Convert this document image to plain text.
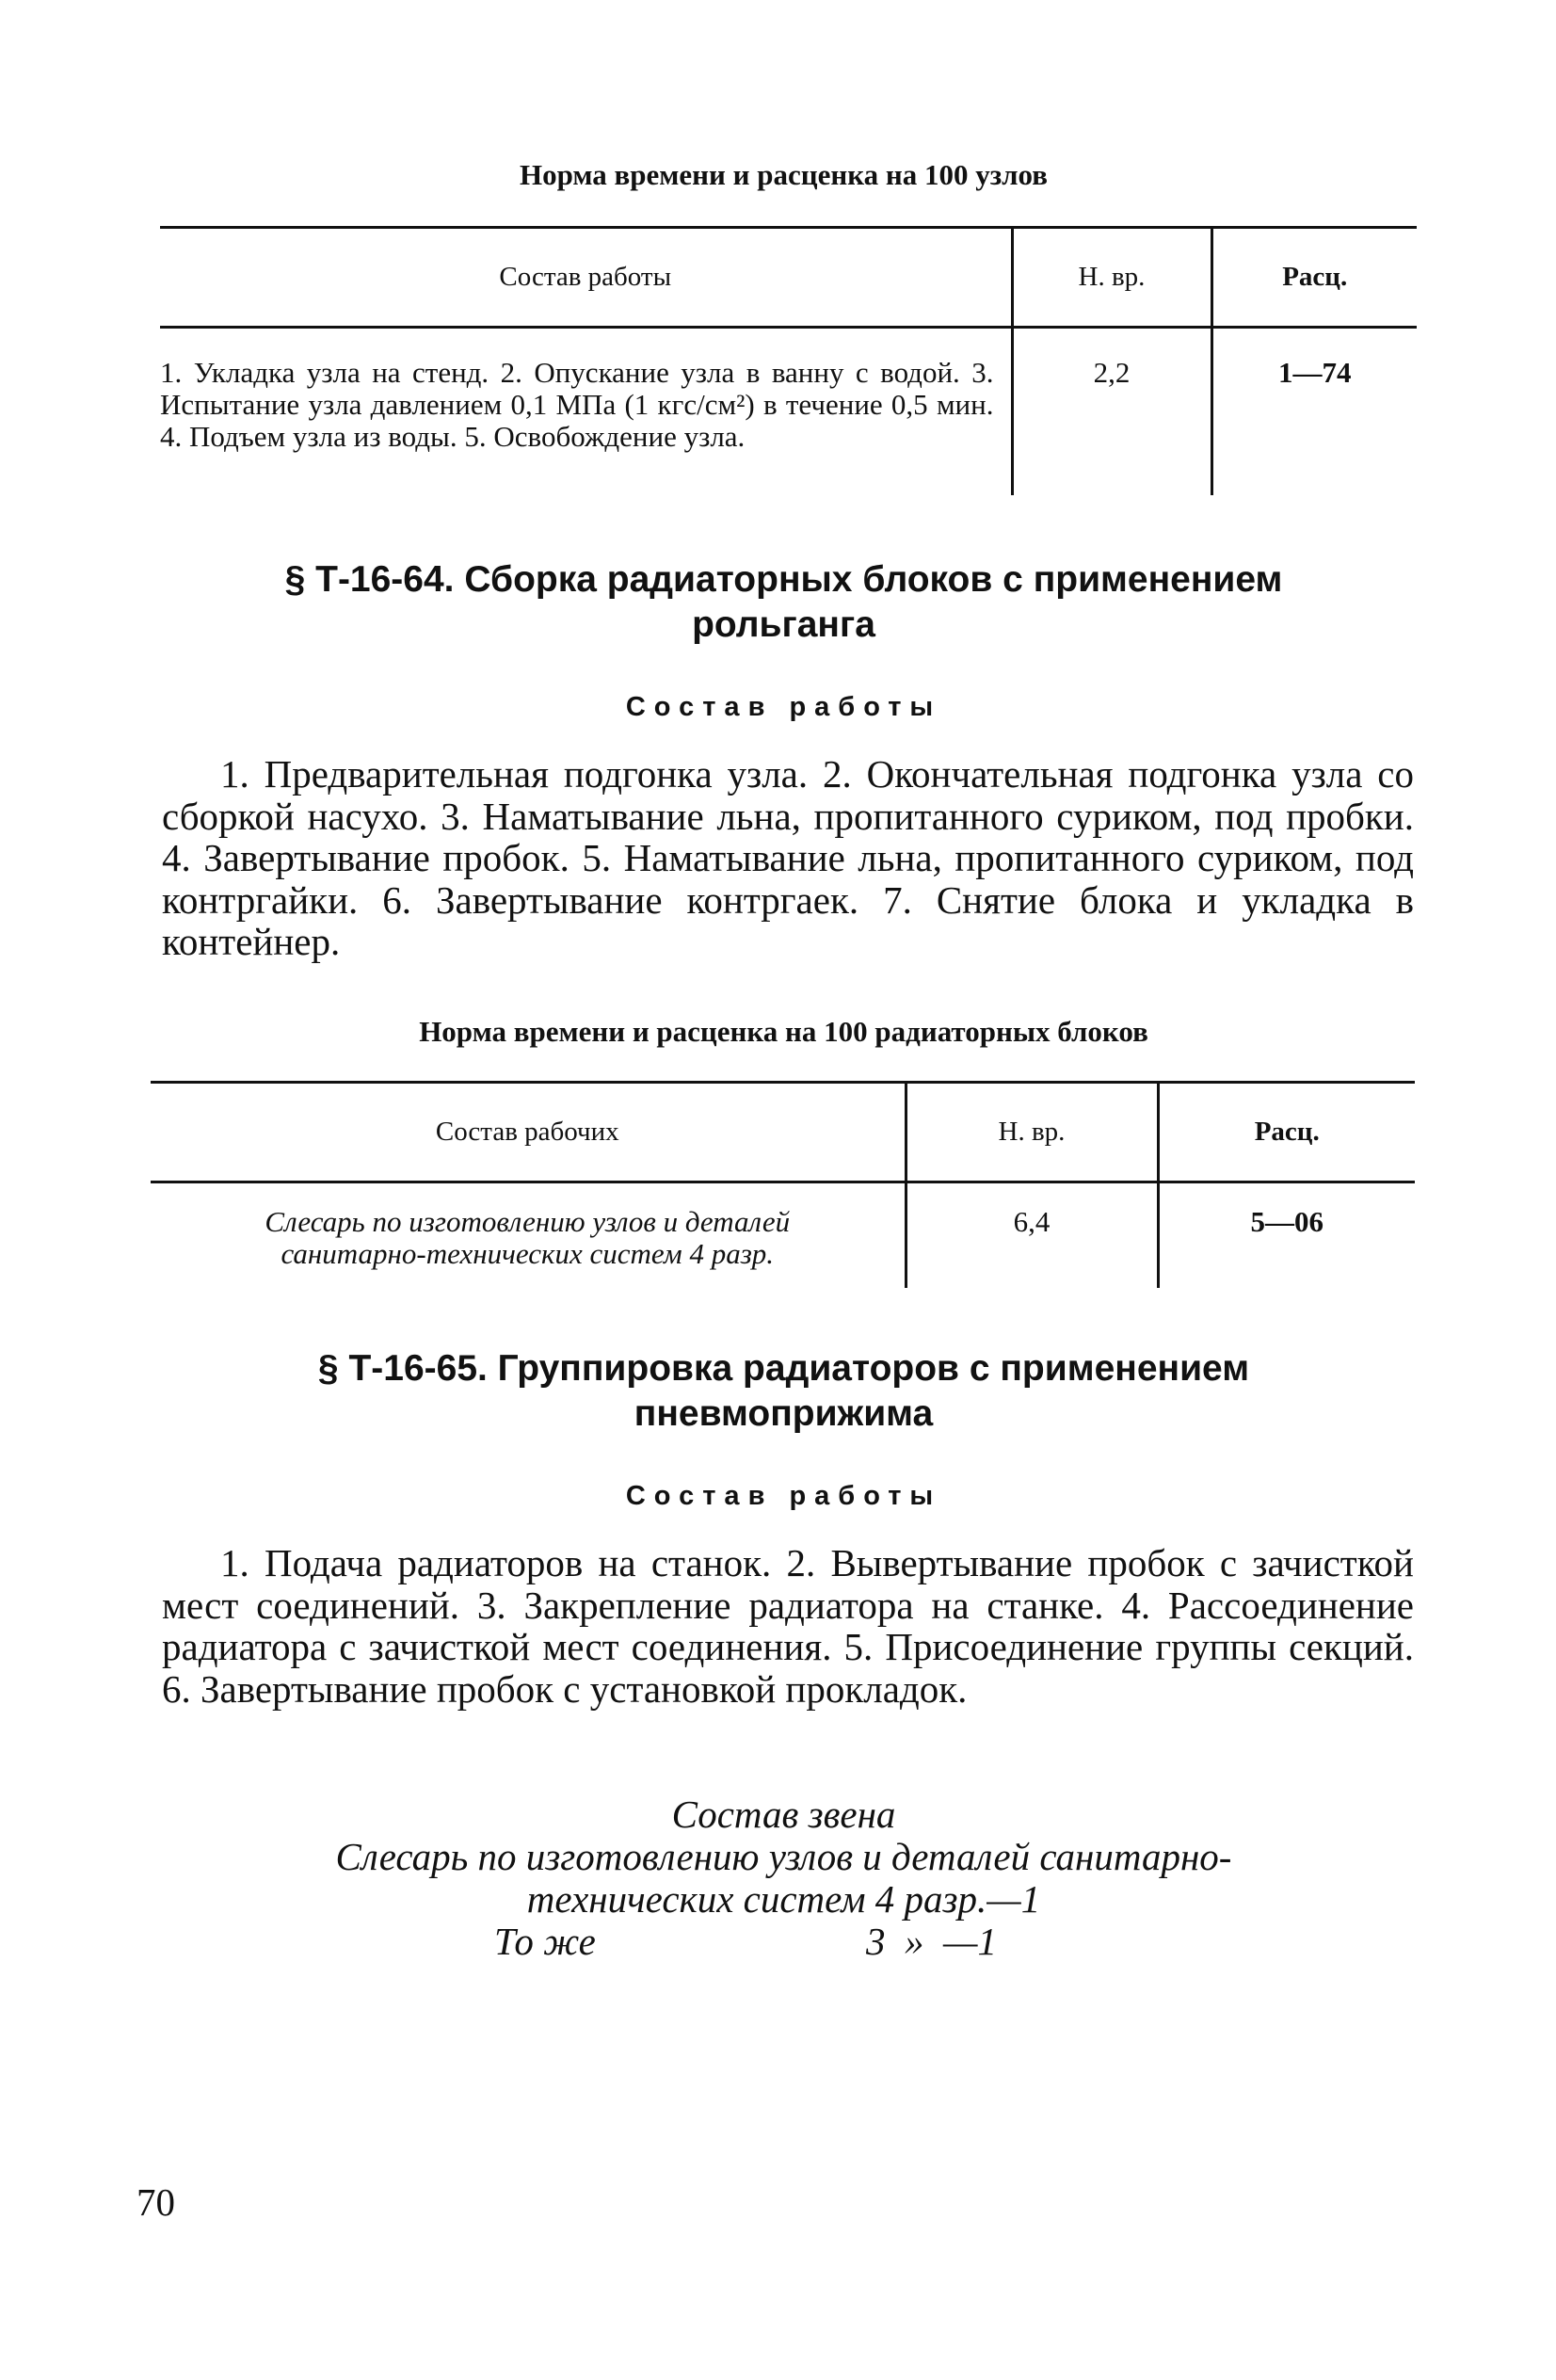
Норма времени и расценка на 100 узлов
Состав работы	Н. вр.	Расц.
1. Укладка узла на стенд. 2. Опускание узла в ванну с водой. 3. Испытание узла давлением 0,1 МПа (1 кгс/см²) в течение 0,5 мин. 4. Подъем узла из воды. 5. Освобождение узла.	2,2	1—74
§ Т-16-64. Сборка радиаторных блоков с применением
рольганга
Состав работы

1. Предварительная подгонка узла. 2. Окончательная подгонка узла со сборкой насухо. 3. Наматывание льна, пропитанного суриком, под пробки. 4. Завертывание пробок. 5. Наматывание льна, пропитанного суриком, под контргайки. 6. Завертывание контргаек. 7. Снятие блока и укладка в контейнер.

Норма времени и расценка на 100 радиаторных блоков
Состав рабочих	Н. вр.	Расц.

Слесарь по изготовлению узлов и деталей
санитарно-технических систем 4 разр.	6,4	5—06
§ Т-16-65. Группировка радиаторов с применением
пневмоприжима
Состав работы

1. Подача радиаторов на станок. 2. Вывертывание пробок с зачисткой мест соединений. 3. Закрепление радиатора на станке. 4. Рассоединение радиатора с зачисткой мест соединения. 5. Присоединение группы секций. 6. Завертывание пробок с установкой прокладок.

Состав звена
Слесарь по изготовлению узлов и деталей санитарно-
технических систем 4 разр.—1
То же	3  »  —1
70
